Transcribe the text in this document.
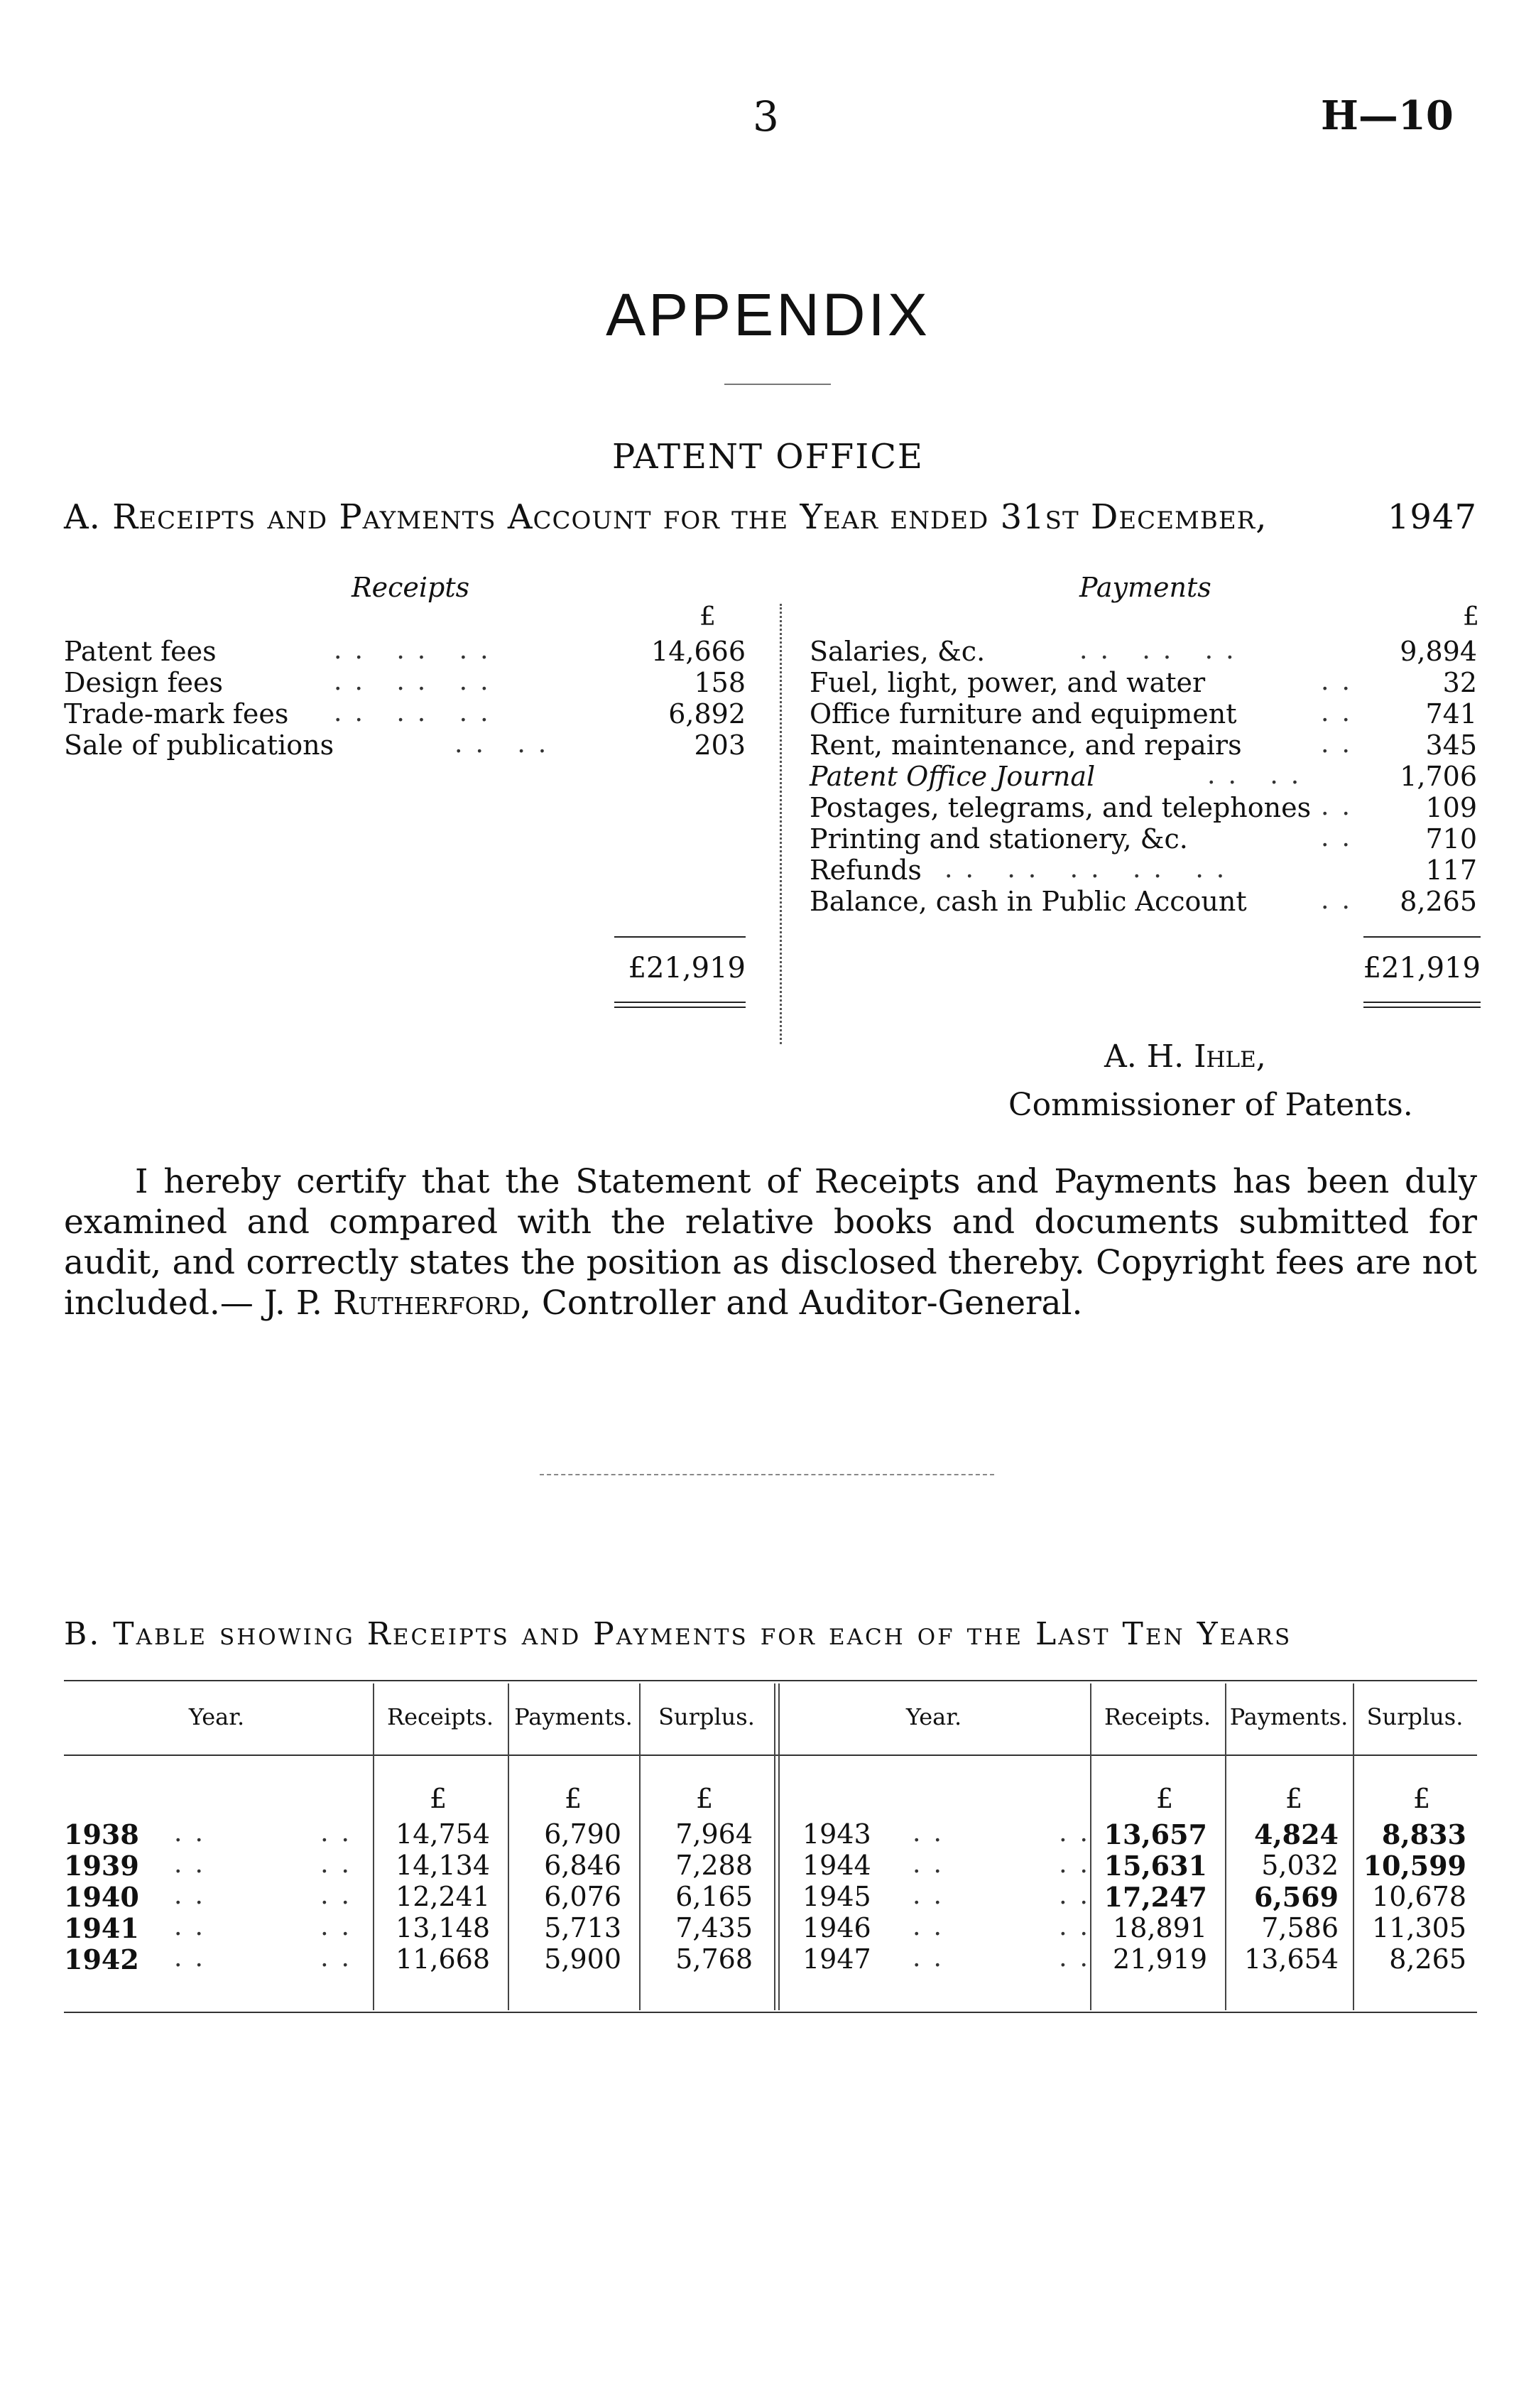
3	H—10
APPENDIX
PATENT OFFICE
A. Receipts and Payments Account for the Year ended 31st December,	1947
Receipts
£
Patent fees	.. .. ..	14,666
Design fees	.. .. ..	158
Trade-mark fees .. .. ..	6,892
Sale of publications	.. ..	203
£21,919
Payments
£
Salaries, &c.	.. .. ..	9,894
Fuel, light, power, and water	..	32
Office furniture and equipment	..	741
Rent, maintenance, and repairs	..	345
Patent Office Journal	.. ..	1,706
Postages, telegrams, and telephones ..	109
Printing and stationery, &c.	..	710
Refunds .. .. .. .. ..	117
Balance, cash in Public Account	..	8,265
£21,919
A. H. Ihle,
Commissioner of Patents.
I hereby certify that the Statement of Receipts and Payments has been duly examined and compared with the relative books and documents submitted for audit, and correctly states the position as disclosed thereby. Copyright fees are not included.— J. P. Rutherford, Controller and Auditor-General.
B. Table showing Receipts and Payments for each of the Last Ten Years
Year.	Receipts. Payments.	Surplus.	Year.	Receipts. Payments. Surplus.
£	£	£	£	£	£
1938 ..     ..	14,754	6,790	7,964
1939 ..     ..	14,134	6,846	7,288
1940 ..     ..	12,241	6,076	6,165
1941 ..     ..	13,148	5,713	7,435
1942 ..     ..	11,668	5,900	5,768
1943 ..     .. 13,657	4,824	8,833
1944 ..     .. 15,631	5,032 10,599
1945 ..     .. 17,247	6,569	10,678
1946 ..     .. 18,891	7,586	11,305
1947 ..     .. 21,919	13,654	8,265
